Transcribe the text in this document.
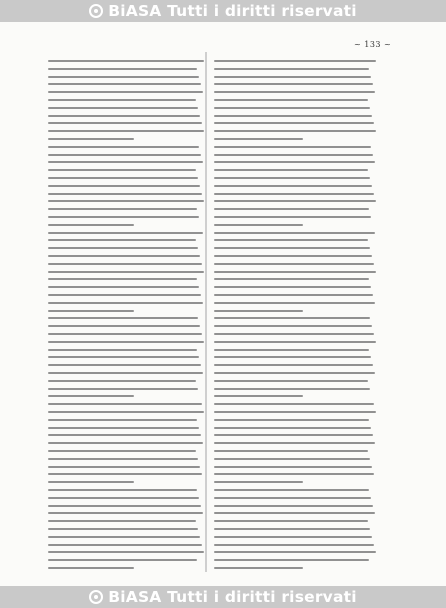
BiASA Tutti i diritti riservati
~ 133 ~
BiASA Tutti i diritti riservati
